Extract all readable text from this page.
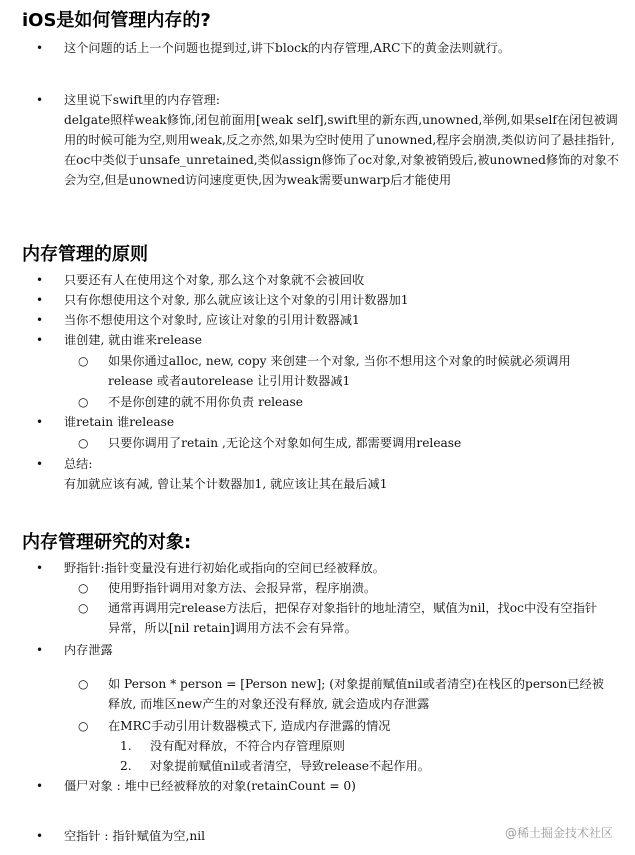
iOS是如何管理内存的?
• 这个问题的话上一个问题也提到过,讲下block的内存管理,ARC下的黄金法则就行。
• 这里说下swift里的内存管理:
delgate照样weak修饰,闭包前面用[weak self],swift里的新东西,unowned,举例,如果self在闭包被调用的时候可能为空,则用weak,反之亦然,如果为空时使用了unowned,程序会崩溃,类似访问了悬挂指针,在oc中类似于unsafe_unretained,类似assign修饰了oc对象,对象被销毁后,被unowned修饰的对象不会为空,但是unowned访问速度更快,因为weak需要unwarp后才能使用
内存管理的原则
• 只要还有人在使用这个对象, 那么这个对象就不会被回收
• 只有你想使用这个对象, 那么就应该让这个对象的引用计数器加1
• 当你不想使用这个对象时, 应该让对象的引用计数器减1
• 谁创建, 就由谁来release
○ 如果你通过alloc, new, copy 来创建一个对象, 当你不想用这个对象的时候就必须调用release 或者autorelease 让引用计数器减1
○ 不是你创建的就不用你负责 release
• 谁retain 谁release
○ 只要你调用了retain ,无论这个对象如何生成, 都需要调用release
• 总结:
有加就应该有减, 曾让某个计数器加1, 就应该让其在最后减1
内存管理研究的对象:
• 野指针:指针变量没有进行初始化或指向的空间已经被释放。
○ 使用野指针调用对象方法、会报异常，程序崩溃。
○ 通常再调用完release方法后，把保存对象指针的地址清空，赋值为nil，找oc中没有空指针异常，所以[nil retain]调用方法不会有异常。
• 内存泄露
○ 如 Person * person = [Person new]; (对象提前赋值nil或者清空)在栈区的person已经被释放, 而堆区new产生的对象还没有释放, 就会造成内存泄露
○ 在MRC手动引用计数器模式下, 造成内存泄露的情况
1. 没有配对释放，不符合内存管理原则
2. 对象提前赋值nil或者清空，导致release不起作用。
• 僵尸对象 : 堆中已经被释放的对象(retainCount = 0)
• 空指针 : 指针赋值为空,nil	@稀土掘金技术社区
